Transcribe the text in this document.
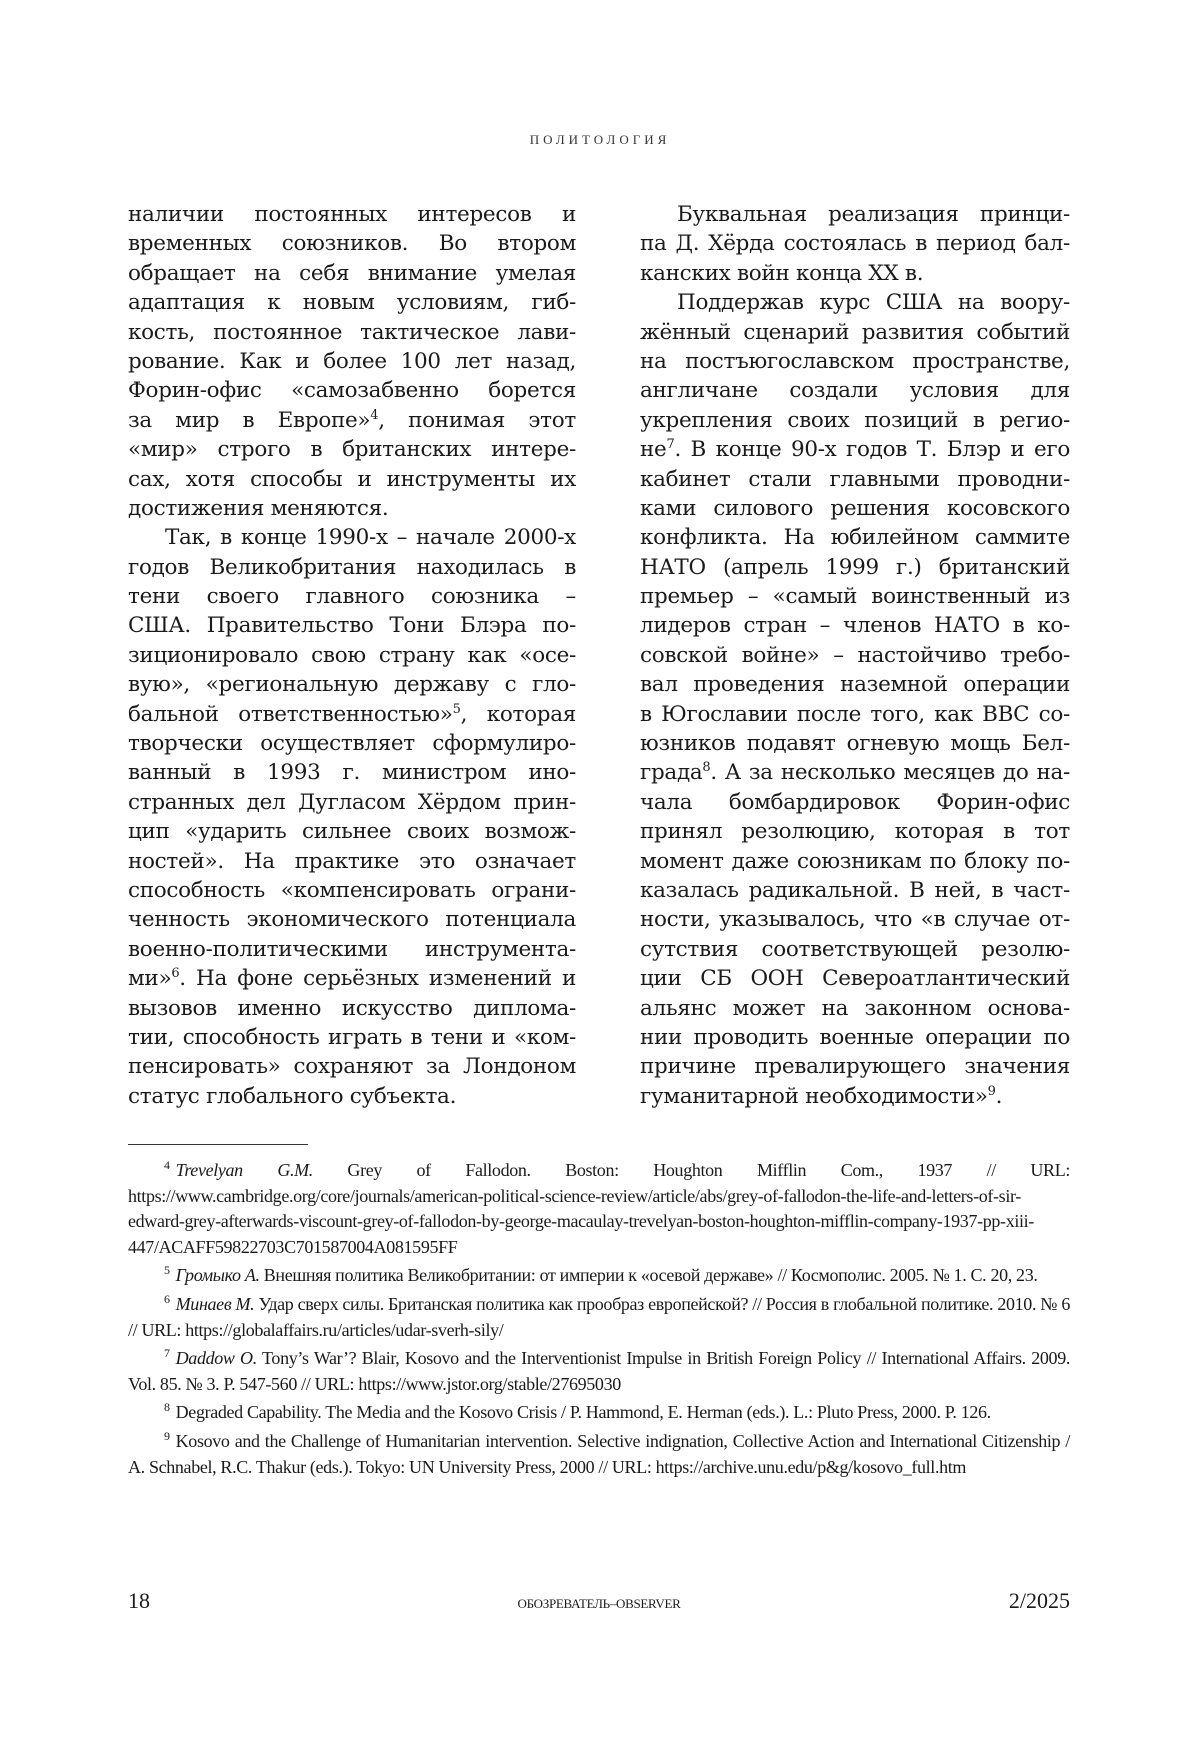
ПОЛИТОЛОГИЯ
наличии постоянных интересов и
временных союзников. Во втором
обращает на себя внимание умелая
адаптация к новым условиям, гиб-
кость, постоянное тактическое лави-
рование. Как и более 100 лет назад,
Форин-офис «самозабвенно борется
за мир в Европе»4, понимая этот
«мир» строго в британских интере-
сах, хотя способы и инструменты их
достижения меняются.
Так, в конце 1990-х – начале 2000-х
годов Великобритания находилась в
тени своего главного союзника –
США. Правительство Тони Блэра по-
зиционировало свою страну как «осе-
вую», «региональную державу с гло-
бальной ответственностью»5, которая
творчески осуществляет сформулиро-
ванный в 1993 г. министром ино-
странных дел Дугласом Хёрдом прин-
цип «ударить сильнее своих возмож-
ностей». На практике это означает
способность «компенсировать ограни-
ченность экономического потенциала
военно-политическими инструмента-
ми»6. На фоне серьёзных изменений и
вызовов именно искусство диплома-
тии, способность играть в тени и «ком-
пенсировать» сохраняют за Лондоном
статус глобального субъекта.
Буквальная реализация принци-
па Д. Хёрда состоялась в период бал-
канских войн конца XX в.
Поддержав курс США на воору-
жённый сценарий развития событий
на постъюгославском пространстве,
англичане создали условия для
укрепления своих позиций в регио-
не7. В конце 90-х годов Т. Блэр и его
кабинет стали главными проводни-
ками силового решения косовского
конфликта. На юбилейном саммите
НАТО (апрель 1999 г.) британский
премьер – «самый воинственный из
лидеров стран – членов НАТО в ко-
совской войне» – настойчиво требо-
вал проведения наземной операции
в Югославии после того, как ВВС со-
юзников подавят огневую мощь Бел-
града8. А за несколько месяцев до на-
чала бомбардировок Форин-офис
принял резолюцию, которая в тот
момент даже союзникам по блоку по-
казалась радикальной. В ней, в част-
ности, указывалось, что «в случае от-
сутствия соответствующей резолю-
ции СБ ООН Североатлантический
альянс может на законном основа-
нии проводить военные операции по
причине превалирующего значения
гуманитарной необходимости»9.
4 Trevelyan G.M. Grey of Fallodon. Boston: Houghton Mifflin Com., 1937 // URL: https://www.cambridge.org/core/journals/american-political-science-review/article/abs/grey-of-fallodon-the-life-and-letters-of-sir-edward-grey-afterwards-viscount-grey-of-fallodon-by-george-macaulay-trevelyan-boston-houghton-mifflin-company-1937-pp-xiii-447/ACAFF59822703C701587004A081595FF
5 Громыко А. Внешняя политика Великобритании: от империи к «осевой державе» // Космополис. 2005. № 1. С. 20, 23.
6 Минаев М. Удар сверх силы. Британская политика как прообраз европейской? // Россия в глобальной политике. 2010. № 6 // URL: https://globalaffairs.ru/articles/udar-sverh-sily/
7 Daddow O. Tony’s War’? Blair, Kosovo and the Interventionist Impulse in British Foreign Policy // International Affairs. 2009. Vol. 85. № 3. P. 547-560 // URL: https://www.jstor.org/stable/27695030
8 Degraded Capability. The Media and the Kosovo Crisis / P. Hammond, E. Herman (eds.). L.: Pluto Press, 2000. P. 126.
9 Kosovo and the Challenge of Humanitarian intervention. Selective indignation, Collective Action and International Citizenship / A. Schnabel, R.C. Thakur (eds.). Tokyo: UN University Press, 2000 // URL: https://archive.unu.edu/p&g/kosovo_full.htm
18	ОБОЗРЕВАТЕЛЬ–OBSERVER	2/2025
